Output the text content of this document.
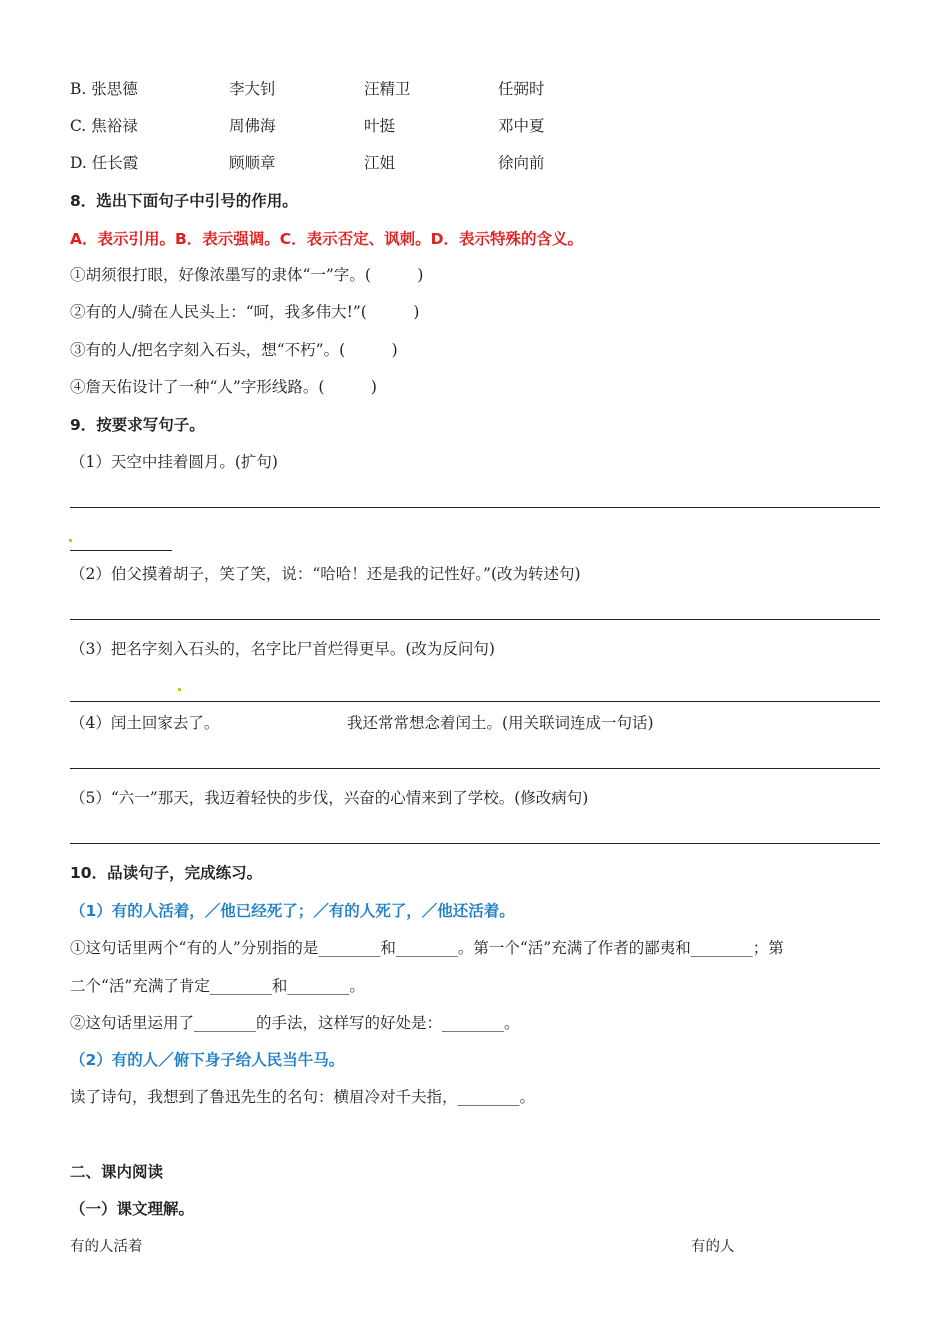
B. 张思德	李大钊	汪精卫	任弼时
C. 焦裕禄	周佛海	叶挺	邓中夏
D. 任长霞	顾顺章	江姐	徐向前
8．选出下面句子中引号的作用。
A．表示引用。B．表示强调。C．表示否定、讽刺。D．表示特殊的含义。
①胡须很打眼，好像浓墨写的隶体“一”字。(　　　)
②有的人/骑在人民头上：“呵，我多伟大!”(　　　)
③有的人/把名字刻入石头，想“不朽”。(　　　)
④詹天佑设计了一种“人”字形线路。(　　　)
9．按要求写句子。
（1）天空中挂着圆月。(扩句)
（2）伯父摸着胡子，笑了笑，说：“哈哈！还是我的记性好。”(改为转述句)
（3）把名字刻入石头的，名字比尸首烂得更早。(改为反问句)
（4）闰土回家去了。	我还常常想念着闰土。(用关联词连成一句话)
（5）“六一”那天，我迈着轻快的步伐，兴奋的心情来到了学校。(修改病句)
10．品读句子，完成练习。
（1）有的人活着，／他已经死了；／有的人死了，／他还活着。
①这句话里两个“有的人”分别指的是________和________。第一个“活”充满了作者的鄙夷和________；第
二个“活”充满了肯定________和________。
②这句话里运用了________的手法，这样写的好处是：________。
（2）有的人／俯下身子给人民当牛马。
读了诗句，我想到了鲁迅先生的名句：横眉冷对千夫指，________。
二、课内阅读
（一）课文理解。
有的人活着	有的人
